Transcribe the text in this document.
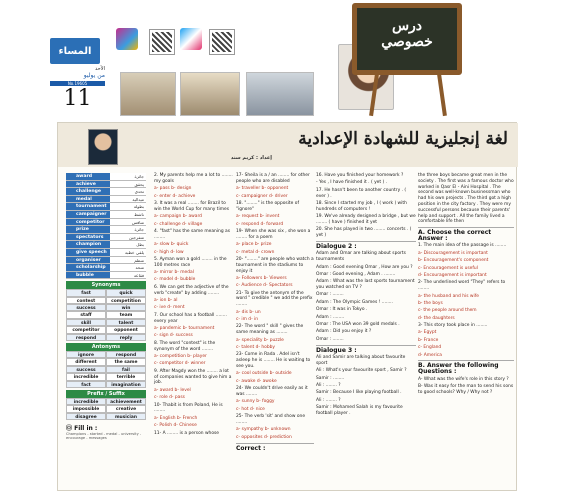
المساء
الأحد
من يوليو
No.19605
11
درس
خصوصي
لغة إنجليزية للشهادة الإعدادية
إعداد : كريم سند
award	جائزة
achieve	يحقق
challenge	تحدي
medal	ميدالية
tournament	بطولة
campaigner	ناشط
competitor	منافس
prize	جائزة
spectators	متفرجين
champion	بطل
give speech	يلقي خطبة
organiser	منظم
scholarship	منحة
bubble	فقاعة
Synonyms
fast	quick
contest	competition
success	win
staff	team
skill	talent
competitor	opponent
respond	reply
Antonyms
ignore	respond
different	the same
success	fail
incredible	terrible
fact	imagination
Prefix / Suffix
incredible	achievement
impossible	creative
disagree	musician
Ⓞ Fill in :
Champions - started - medal - university - encourage - messages

2. My parents help me a lot to ........ my goals

a- pass b- design

c- enter d- achieve

3. It was a real ........ for Brazil to win the World Cup for many times

a- campaign b- award

c- challenge d- village

4. "fast" has the same meaning as ........

a- slow b- quick

c- high d- low

5. Ayman won a gold ........ in the 100 metres race

a- mirror b- medal

c- model d- bubble

6. We can get the adjective of the verb "create" by adding ........

a- ion b- al

c- ive d- ment

7. Our school has a football ........ every year

a- pandemic b- tournament

c- sign d- success

8. The word "contest" is the synonym of the word ........

a- competition b- player

c- competitor d- winner

9. After Magdy won the ........ a lot of companies wanted to give him a job.

a- award b- level

c- role d- pass

10- Thabit is from Poland, He is ........

a- English b- French

c- Polish d- Chinese

11- A ........ is a person whose

17- Sheila is a / an ........ for other people who are disabled

a- traveller b- opponent

c- campaigner d- driver

18. "........" is the opposite of "ignore"

a- request b- invent

c- respond d- forward

19- When she was six , she won a ........ for a poem

a- place b- prize

c- metal d- crown

20- "........" are people who watch a tournament in the stadiums to enjoy it

a- Followers b- Viewers

c- Audience d- Spectators

21- To give the antonym of the word " credible " we add the prefix ........

a- dis b- un

c- im d- in

22- The word " skill " gives the same meaning as ........

a- speciality b- puzzle

c- talent d- hobby

23- Come in Rada . Adel isn't asleep he is ........ He is waiting to see you.

a- cool outside b- outside

c- awake d- awoke

24- We couldn't drive easily as it was ........

a- sunny b- foggy

c- hot d- nice

25- The verb 'sit' and show one ........

a- sympathy b- unknown

c- opposites d- prediction

Correct :

16. Have you finished your homework ?

- Yes , I have finished it . ( yet ) .

17. He hasn't been to another country . ( ever ) .

18. Since I started my job , I ( work ) with hundreds of computers !

19. We've already designed a bridge , but we ........ ( have ) finished it yet

20. She has played in two ........ concerts . ( yet )

Dialogue 2 :

Adam and Omar are talking about sports tournaments

Adam : Good evening Omar , How are you ?

Omar : Good evening , Adam . ........

Adam : What was the last sports tournament you watched on TV ?

Omar : ........

Adam : The Olympic Games ! ........

Omar : It was in Tokyo .

Adam : ........

Omar : The USA won 39 gold medals .

Adam : Did you enjoy it ?

Omar : ........

Dialogue 3 :

Ali and Samir are talking about favourite sport

Ali : What's your favourite sport , Samir ?

Samir : ........

Ali : ........ ?

Samir : Because I like playing football .

Ali : ........ ?

Samir : Mohamed Salah is my favourite football player .

the three boys became great men in the society . The first was a famous doctor who worked in Qasr El - Aini Hospital . The second was well-known businessman who had his own projects . The third got a high position in the city factory . They were my successful persons because their parents' help and support . All the family lived a comfortable life then

A. Choose the correct Answer :

1. The main idea of the passage is ........

a- Discouragement is important

b- Encouragement's component

c- Encouragement is useful

d- Encouragement is important

2- The underlined word "They" refers to ........

a- the husband and his wife

b- the boys

c- the people around them

d- the daughters

3- This story took place in ........

a- Egypt

b- France

c- England

d- America

B. Answer the following Questions :

A- What was the wife's role in this story ?

B- Was it easy for the man to send his sons to good schools? Why / Why not ?
